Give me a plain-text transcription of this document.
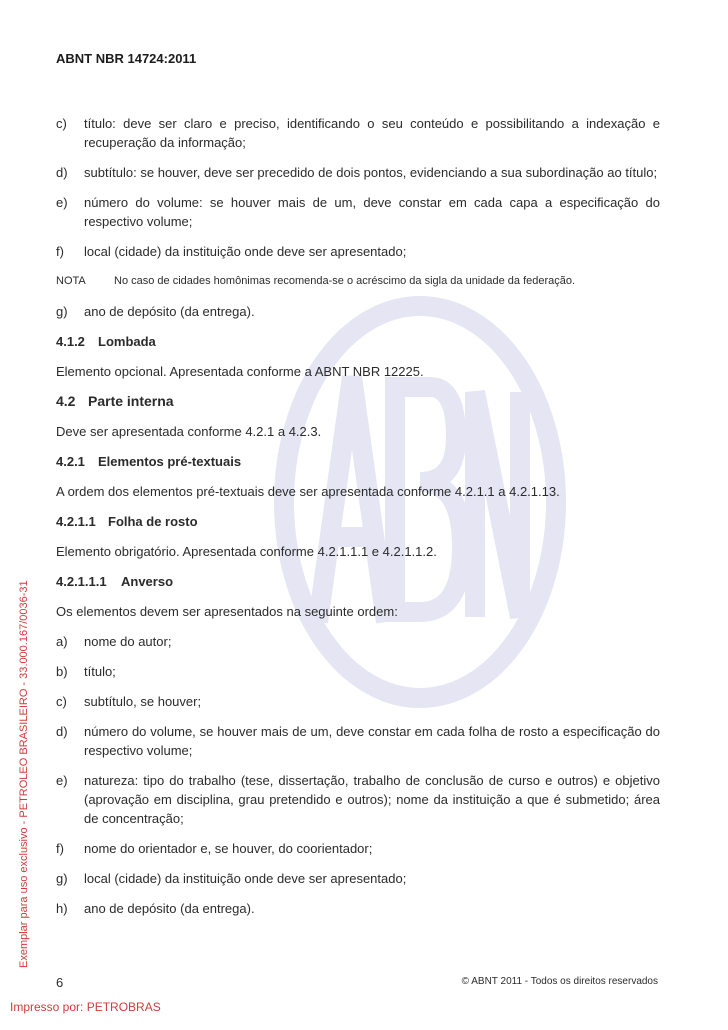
ABNT NBR 14724:2011
c)	título: deve ser claro e preciso, identificando o seu conteúdo e possibilitando a indexação e recuperação da informação;
d)	subtítulo: se houver, deve ser precedido de dois pontos, evidenciando a sua subordinação ao título;
e)	número do volume: se houver mais de um, deve constar em cada capa a especificação do respectivo volume;
f)	local (cidade) da instituição onde deve ser apresentado;
NOTA	No caso de cidades homônimas recomenda-se o acréscimo da sigla da unidade da federação.
g)	ano de depósito (da entrega).
4.1.2 Lombada
Elemento opcional. Apresentada conforme a ABNT NBR 12225.
4.2 Parte interna
Deve ser apresentada conforme 4.2.1 a 4.2.3.
4.2.1 Elementos pré-textuais
A ordem dos elementos pré-textuais deve ser apresentada conforme 4.2.1.1 a 4.2.1.13.
4.2.1.1 Folha de rosto
Elemento obrigatório. Apresentada conforme 4.2.1.1.1 e 4.2.1.1.2.
4.2.1.1.1 Anverso
Os elementos devem ser apresentados na seguinte ordem:
a)	nome do autor;
b)	título;
c)	subtítulo, se houver;
d)	número do volume, se houver mais de um, deve constar em cada folha de rosto a especificação do respectivo volume;
e)	natureza: tipo do trabalho (tese, dissertação, trabalho de conclusão de curso e outros) e objetivo (aprovação em disciplina, grau pretendido e outros); nome da instituição a que é submetido; área de concentração;
f)	nome do orientador e, se houver, do coorientador;
g)	local (cidade) da instituição onde deve ser apresentado;
h)	ano de depósito (da entrega).
Exemplar para uso exclusivo - PETROLEO BRASILEIRO - 33.000.167/0036-31
6	© ABNT 2011 - Todos os direitos reservados
Impresso por: PETROBRAS
